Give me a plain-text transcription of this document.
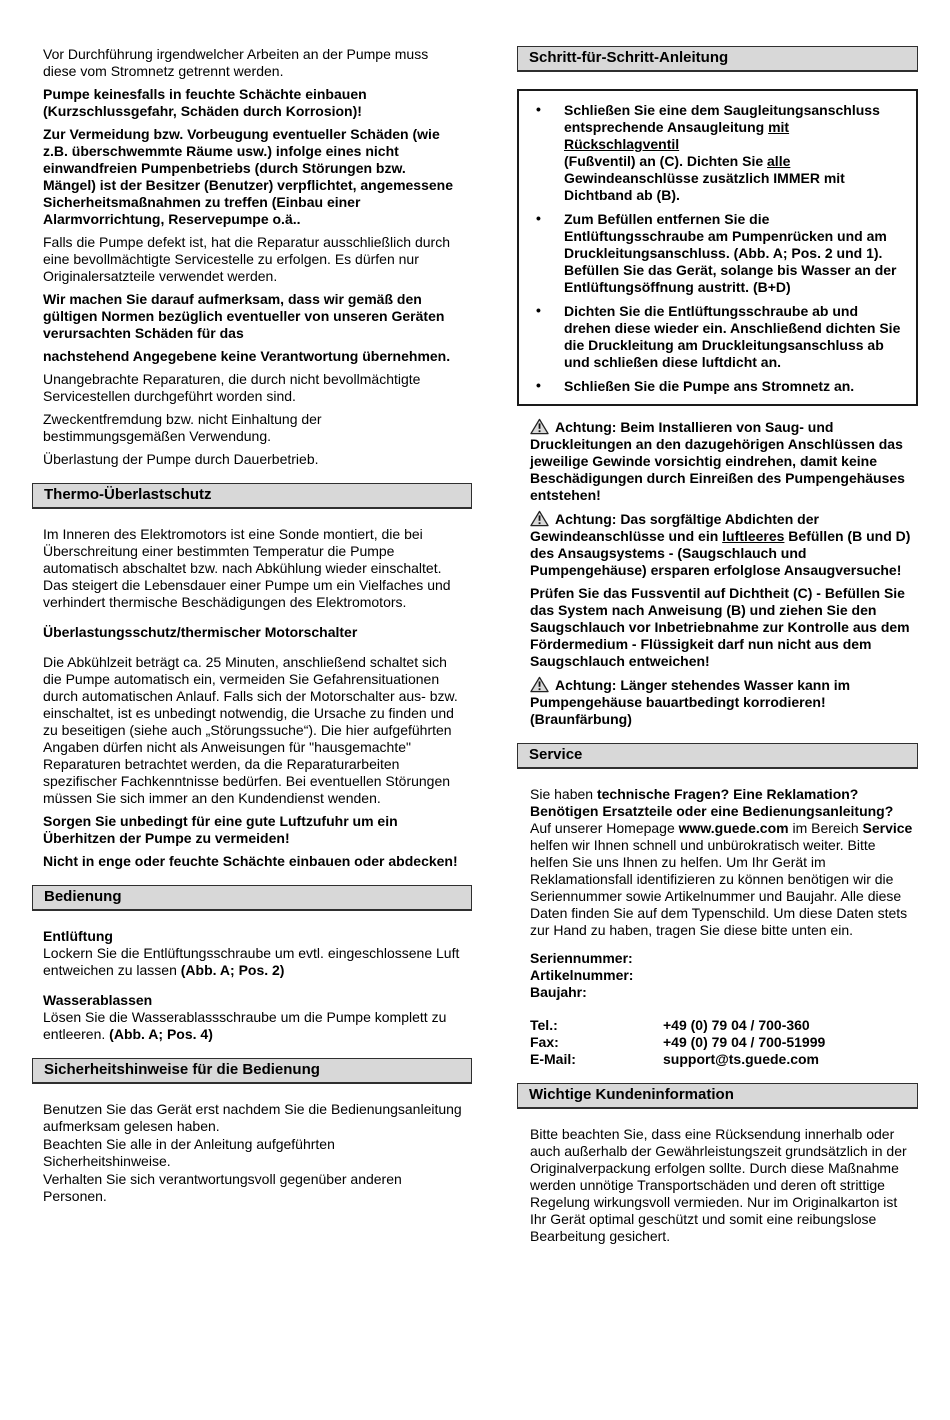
Vor Durchführung irgendwelcher Arbeiten an der Pumpe muss diese vom Stromnetz getrennt werden.

Pumpe keinesfalls in feuchte Schächte einbauen (Kurzschlussgefahr, Schäden durch Korrosion)!

Zur Vermeidung bzw. Vorbeugung eventueller Schäden (wie z.B. überschwemmte Räume usw.) infolge eines nicht einwandfreien Pumpenbetriebs (durch Störungen bzw. Mängel) ist der Besitzer (Benutzer) verpflichtet, angemessene Sicherheitsmaßnahmen zu treffen (Einbau einer Alarmvorrichtung, Reservepumpe o.ä..

Falls die Pumpe defekt ist, hat die Reparatur ausschließlich durch eine bevollmächtigte Servicestelle zu erfolgen. Es dürfen nur Originalersatzteile verwendet werden.

Wir machen Sie darauf aufmerksam, dass wir gemäß den gültigen Normen bezüglich eventueller von unseren Geräten verursachten Schäden für das

nachstehend Angegebene keine Verantwortung übernehmen.

Unangebrachte Reparaturen, die durch nicht bevollmächtigte Servicestellen durchgeführt worden sind.

Zweckentfremdung bzw. nicht Einhaltung der bestimmungsgemäßen Verwendung.

Überlastung der Pumpe durch Dauerbetrieb.

Thermo-Überlastschutz

Im Inneren des Elektromotors ist eine Sonde montiert, die bei Überschreitung einer bestimmten Temperatur die Pumpe automatisch abschaltet bzw. nach Abkühlung wieder einschaltet. Das steigert die Lebensdauer einer Pumpe um ein Vielfaches und verhindert thermische Beschädigungen des Elektromotors.

Überlastungsschutz/thermischer Motorschalter

Die Abkühlzeit beträgt ca. 25 Minuten, anschließend schaltet sich die Pumpe automatisch ein, vermeiden Sie Gefahrensituationen durch automatischen Anlauf. Falls sich der Motorschalter aus- bzw. einschaltet, ist es unbedingt notwendig, die Ursache zu finden und zu beseitigen (siehe auch „Störungssuche“). Die hier aufgeführten Angaben dürfen nicht als Anweisungen für "hausgemachte" Reparaturen betrachtet werden, da die Reparaturarbeiten spezifischer Fachkenntnisse bedürfen. Bei eventuellen Störungen müssen Sie sich immer an den Kundendienst wenden.

Sorgen Sie unbedingt für eine gute Luftzufuhr um ein Überhitzen der Pumpe zu vermeiden!

Nicht in enge oder feuchte Schächte einbauen oder abdecken!

Bedienung
Entlüftung

Lockern Sie die Entlüftungsschraube um evtl. eingeschlossene Luft entweichen zu lassen (Abb. A; Pos. 2)

Wasserablassen

Lösen Sie die Wasserablassschraube um die Pumpe komplett zu entleeren. (Abb. A; Pos. 4)

Sicherheitshinweise für die Bedienung

Benutzen Sie das Gerät erst nachdem Sie die Bedienungsanleitung aufmerksam gelesen haben.

Beachten Sie alle in der Anleitung aufgeführten Sicherheitshinweise.

Verhalten Sie sich verantwortungsvoll gegenüber anderen Personen.

Schritt-für-Schritt-Anleitung
• Schließen Sie eine dem Saugleitungsanschluss entsprechende Ansaugleitung mit Rückschlagventil
(Fußventil) an (C). Dichten Sie alle Gewindeanschlüsse zusätzlich IMMER mit Dichtband ab (B).
• Zum Befüllen entfernen Sie die Entlüftungsschraube am Pumpenrücken und am Druckleitungsanschluss. (Abb. A; Pos. 2 und 1). Befüllen Sie das Gerät, solange bis Wasser an der Entlüftungsöffnung austritt. (B+D)
• Dichten Sie die Entlüftungsschraube ab und drehen diese wieder ein. Anschließend dichten Sie die Druckleitung am Druckleitungsanschluss ab und schließen diese luftdicht an.
• Schließen Sie die Pumpe ans Stromnetz an.

Achtung: Beim Installieren von Saug- und Druckleitungen an den dazugehörigen Anschlüssen das jeweilige Gewinde vorsichtig eindrehen, damit keine Beschädigungen durch Einreißen des Pumpengehäuses entstehen!

Achtung: Das sorgfältige Abdichten der Gewindeanschlüsse und ein luftleeres Befüllen (B und D) des Ansaugsystems - (Saugschlauch und Pumpengehäuse) ersparen erfolglose Ansaugversuche!

Prüfen Sie das Fussventil auf Dichtheit (C) - Befüllen Sie das System nach Anweisung (B) und ziehen Sie den Saugschlauch vor Inbetriebnahme zur Kontrolle aus dem Fördermedium - Flüssigkeit darf nun nicht aus dem Saugschlauch entweichen!

Achtung: Länger stehendes Wasser kann im Pumpengehäuse bauartbedingt korrodieren! (Braunfärbung)

Service

Sie haben technische Fragen? Eine Reklamation? Benötigen Ersatzteile oder eine Bedienungsanleitung?
Auf unserer Homepage www.guede.com im Bereich Service helfen wir Ihnen schnell und unbürokratisch weiter. Bitte helfen Sie uns Ihnen zu helfen. Um Ihr Gerät im Reklamationsfall identifizieren zu können benötigen wir die Seriennummer sowie Artikelnummer und Baujahr. Alle diese Daten finden Sie auf dem Typenschild. Um diese Daten stets zur Hand zu haben, tragen Sie diese bitte unten ein.

Seriennummer:
Artikelnummer:
Baujahr:
Tel.:	+49 (0) 79 04 / 700-360
Fax:	+49 (0) 79 04 / 700-51999
E-Mail:	support@ts.guede.com
Wichtige Kundeninformation

Bitte beachten Sie, dass eine Rücksendung innerhalb oder auch außerhalb der Gewährleistungszeit grundsätzlich in der Originalverpackung erfolgen sollte. Durch diese Maßnahme werden unnötige Transportschäden und deren oft strittige Regelung wirkungsvoll vermieden. Nur im Originalkarton ist Ihr Gerät optimal geschützt und somit eine reibungslose Bearbeitung gesichert.
